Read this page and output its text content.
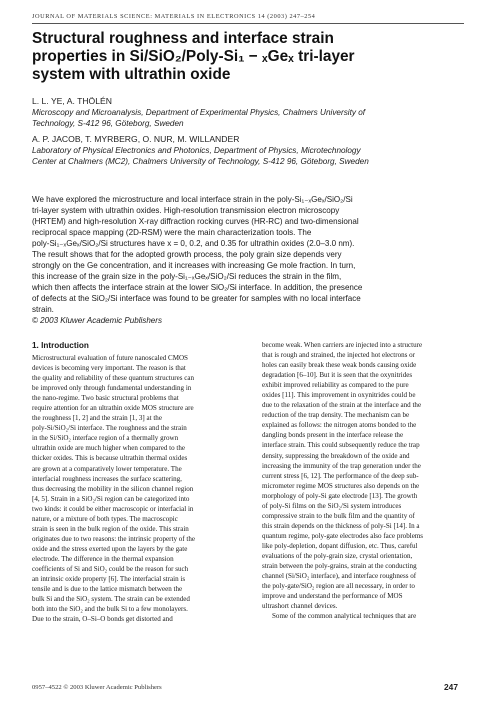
JOURNAL OF MATERIALS SCIENCE: MATERIALS IN ELECTRONICS 14 (2003) 247–254
Structural roughness and interface strain
properties in Si/SiO₂/Poly-Si₁ − ₓGeₓ tri-layer
system with ultrathin oxide
L. L. YE, A. THÖLÉN
Microscopy and Microanalysis, Department of Experimental Physics, Chalmers University of
Technology, S-412 96, Göteborg, Sweden
A. P. JACOB, T. MYRBERG, O. NUR, M. WILLANDER
Laboratory of Physical Electronics and Photonics, Department of Physics, Microtechnology
Center at Chalmers (MC2), Chalmers University of Technology, S-412 96, Göteborg, Sweden
We have explored the microstructure and local interface strain in the poly-Si₁₋ₓGeₓ/SiO₂/Si
tri-layer system with ultrathin oxides. High-resolution transmission electron microscopy
(HRTEM) and high-resolution X-ray diffraction rocking curves (HR-RC) and two-dimensional
reciprocal space mapping (2D-RSM) were the main characterization tools. The
poly-Si₁₋ₓGeₓ/SiO₂/Si structures have x = 0, 0.2, and 0.35 for ultrathin oxides (2.0–3.0 nm).
The result shows that for the adopted growth process, the poly grain size depends very
strongly on the Ge concentration, and it increases with increasing Ge mole fraction. In turn,
this increase of the grain size in the poly-Si₁₋ₓGeₓ/SiO₂/Si reduces the strain in the film,
which then affects the interface strain at the lower SiO₂/Si interface. In addition, the presence
of defects at the SiO₂/Si interface was found to be greater for samples with no local interface
strain.
© 2003 Kluwer Academic Publishers
1. Introduction
Microstructural evaluation of future nanoscaled CMOS
devices is becoming very important. The reason is that
the quality and reliability of these quantum structures can
be improved only through fundamental understanding in
the nano-regime. Two basic structural problems that
require attention for an ultrathin oxide MOS structure are
the roughness [1, 2] and the strain [1, 3] at the
poly-Si/SiO₂/Si interface. The roughness and the strain
in the Si/SiO₂ interface region of a thermally grown
ultrathin oxide are much higher when compared to the
thicker oxides. This is because ultrathin thermal oxides
are grown at a comparatively lower temperature. The
interfacial roughness increases the surface scattering,
thus decreasing the mobility in the silicon channel region
[4, 5]. Strain in a SiO₂/Si region can be categorized into
two kinds: it could be either macroscopic or interfacial in
nature, or a mixture of both types. The macroscopic
strain is seen in the bulk region of the oxide. This strain
originates due to two reasons: the intrinsic property of the
oxide and the stress exerted upon the layers by the gate
electrode. The difference in the thermal expansion
coefficients of Si and SiO₂ could be the reason for such
an intrinsic oxide property [6]. The interfacial strain is
tensile and is due to the lattice mismatch between the
bulk Si and the SiO₂ system. The strain can be extended
both into the SiO₂ and the bulk Si to a few monolayers.
Due to the strain, O–Si–O bonds get distorted and
become weak. When carriers are injected into a structure
that is rough and strained, the injected hot electrons or
holes can easily break these weak bonds causing oxide
degradation [6–10]. But it is seen that the oxynitrides
exhibit improved reliability as compared to the pure
oxides [11]. This improvement in oxynitrides could be
due to the relaxation of the strain at the interface and the
reduction of the trap density. The mechanism can be
explained as follows: the nitrogen atoms bonded to the
dangling bonds present in the interface release the
interface strain. This could subsequently reduce the trap
density, suppressing the breakdown of the oxide and
increasing the immunity of the trap generation under the
current stress [6, 12]. The performance of the deep sub-
micrometer regime MOS structures also depends on the
morphology of poly-Si gate electrode [13]. The growth
of poly-Si films on the SiO₂/Si system introduces
compressive strain to the bulk film and the quantity of
this strain depends on the thickness of poly-Si [14]. In a
quantum regime, poly-gate electrodes also face problems
like poly-depletion, dopant diffusion, etc. Thus, careful
evaluations of the poly-grain size, crystal orientation,
strain between the poly-grains, strain at the conducting
channel (Si/SiO₂ interface), and interface roughness of
the poly-gate/SiO₂ region are all necessary, in order to
improve and understand the performance of MOS
ultrashort channel devices.
Some of the common analytical techniques that are
0957–4522 © 2003 Kluwer Academic Publishers	247
